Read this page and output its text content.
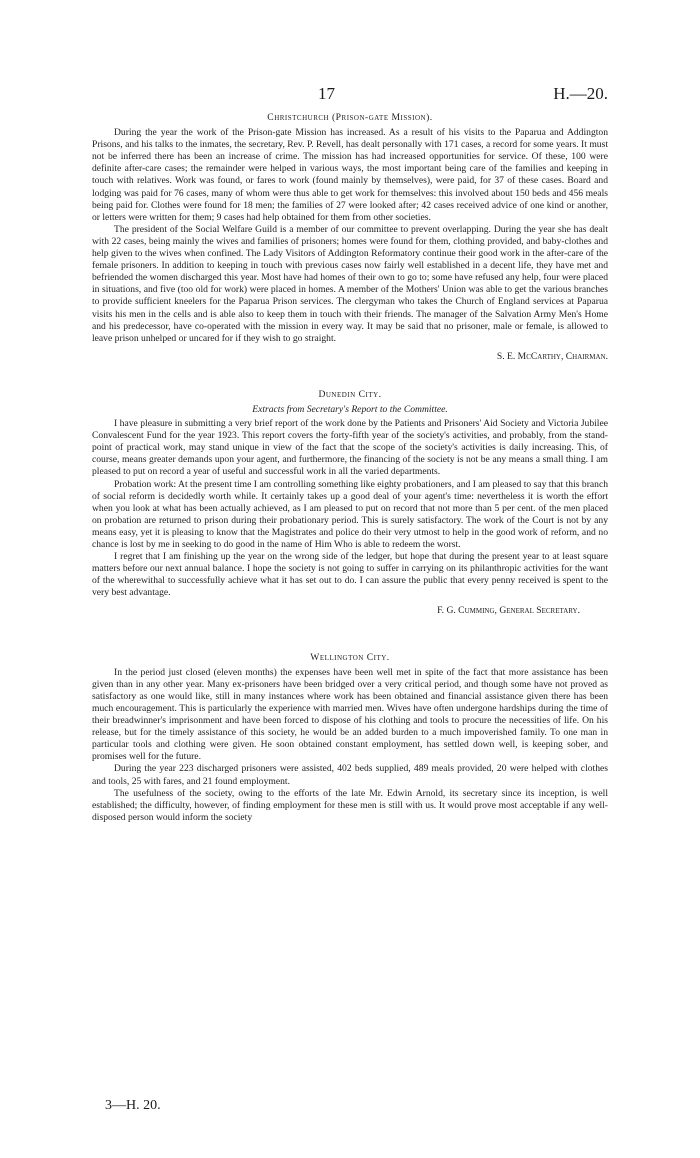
17	H.—20.
Christchurch (Prison-gate Mission).

During the year the work of the Prison-gate Mission has increased. As a result of his visits to the Paparua and Addington Prisons, and his talks to the inmates, the secretary, Rev. P. Revell, has dealt personally with 171 cases, a record for some years. It must not be inferred there has been an increase of crime. The mission has had increased opportunities for service. Of these, 100 were definite after-care cases; the remainder were helped in various ways, the most important being care of the families and keeping in touch with relatives. Work was found, or fares to work (found mainly by themselves), were paid, for 37 of these cases. Board and lodging was paid for 76 cases, many of whom were thus able to get work for themselves: this involved about 150 beds and 456 meals being paid for. Clothes were found for 18 men; the families of 27 were looked after; 42 cases received advice of one kind or another, or letters were written for them; 9 cases had help obtained for them from other societies.

The president of the Social Welfare Guild is a member of our committee to prevent overlapping. During the year she has dealt with 22 cases, being mainly the wives and families of prisoners; homes were found for them, clothing provided, and baby-clothes and help given to the wives when confined. The Lady Visitors of Addington Reformatory continue their good work in the after-care of the female prisoners. In addition to keeping in touch with previous cases now fairly well established in a decent life, they have met and befriended the women discharged this year. Most have had homes of their own to go to; some have refused any help, four were placed in situations, and five (too old for work) were placed in homes. A member of the Mothers' Union was able to get the various branches to provide sufficient kneelers for the Paparua Prison services. The clergyman who takes the Church of England services at Paparua visits his men in the cells and is able also to keep them in touch with their friends. The manager of the Salvation Army Men's Home and his predecessor, have co-operated with the mission in every way. It may be said that no prisoner, male or female, is allowed to leave prison unhelped or uncared for if they wish to go straight.

S. E. McCarthy, Chairman.
Dunedin City.
Extracts from Secretary's Report to the Committee.

I have pleasure in submitting a very brief report of the work done by the Patients and Prisoners' Aid Society and Victoria Jubilee Convalescent Fund for the year 1923. This report covers the forty-fifth year of the society's activities, and probably, from the stand-point of practical work, may stand unique in view of the fact that the scope of the society's activities is daily increasing. This, of course, means greater demands upon your agent, and furthermore, the financing of the society is not be any means a small thing. I am pleased to put on record a year of useful and successful work in all the varied departments.

Probation work: At the present time I am controlling something like eighty probationers, and I am pleased to say that this branch of social reform is decidedly worth while. It certainly takes up a good deal of your agent's time: nevertheless it is worth the effort when you look at what has been actually achieved, as I am pleased to put on record that not more than 5 per cent. of the men placed on probation are returned to prison during their probationary period. This is surely satisfactory. The work of the Court is not by any means easy, yet it is pleasing to know that the Magistrates and police do their very utmost to help in the good work of reform, and no chance is lost by me in seeking to do good in the name of Him Who is able to redeem the worst.

I regret that I am finishing up the year on the wrong side of the ledger, but hope that during the present year to at least square matters before our next annual balance. I hope the society is not going to suffer in carrying on its philanthropic activities for the want of the wherewithal to successfully achieve what it has set out to do. I can assure the public that every penny received is spent to the very best advantage.

F. G. Cumming, General Secretary.
Wellington City.

In the period just closed (eleven months) the expenses have been well met in spite of the fact that more assistance has been given than in any other year. Many ex-prisoners have been bridged over a very critical period, and though some have not proved as satisfactory as one would like, still in many instances where work has been obtained and financial assistance given there has been much encouragement. This is particularly the experience with married men. Wives have often undergone hardships during the time of their breadwinner's imprisonment and have been forced to dispose of his clothing and tools to procure the necessities of life. On his release, but for the timely assistance of this society, he would be an added burden to a much impoverished family. To one man in particular tools and clothing were given. He soon obtained constant employment, has settled down well, is keeping sober, and promises well for the future.

During the year 223 discharged prisoners were assisted, 402 beds supplied, 489 meals provided, 20 were helped with clothes and tools, 25 with fares, and 21 found employment.

The usefulness of the society, owing to the efforts of the late Mr. Edwin Arnold, its secretary since its inception, is well established; the difficulty, however, of finding employment for these men is still with us. It would prove most acceptable if any well-disposed person would inform the society

3—H. 20.
